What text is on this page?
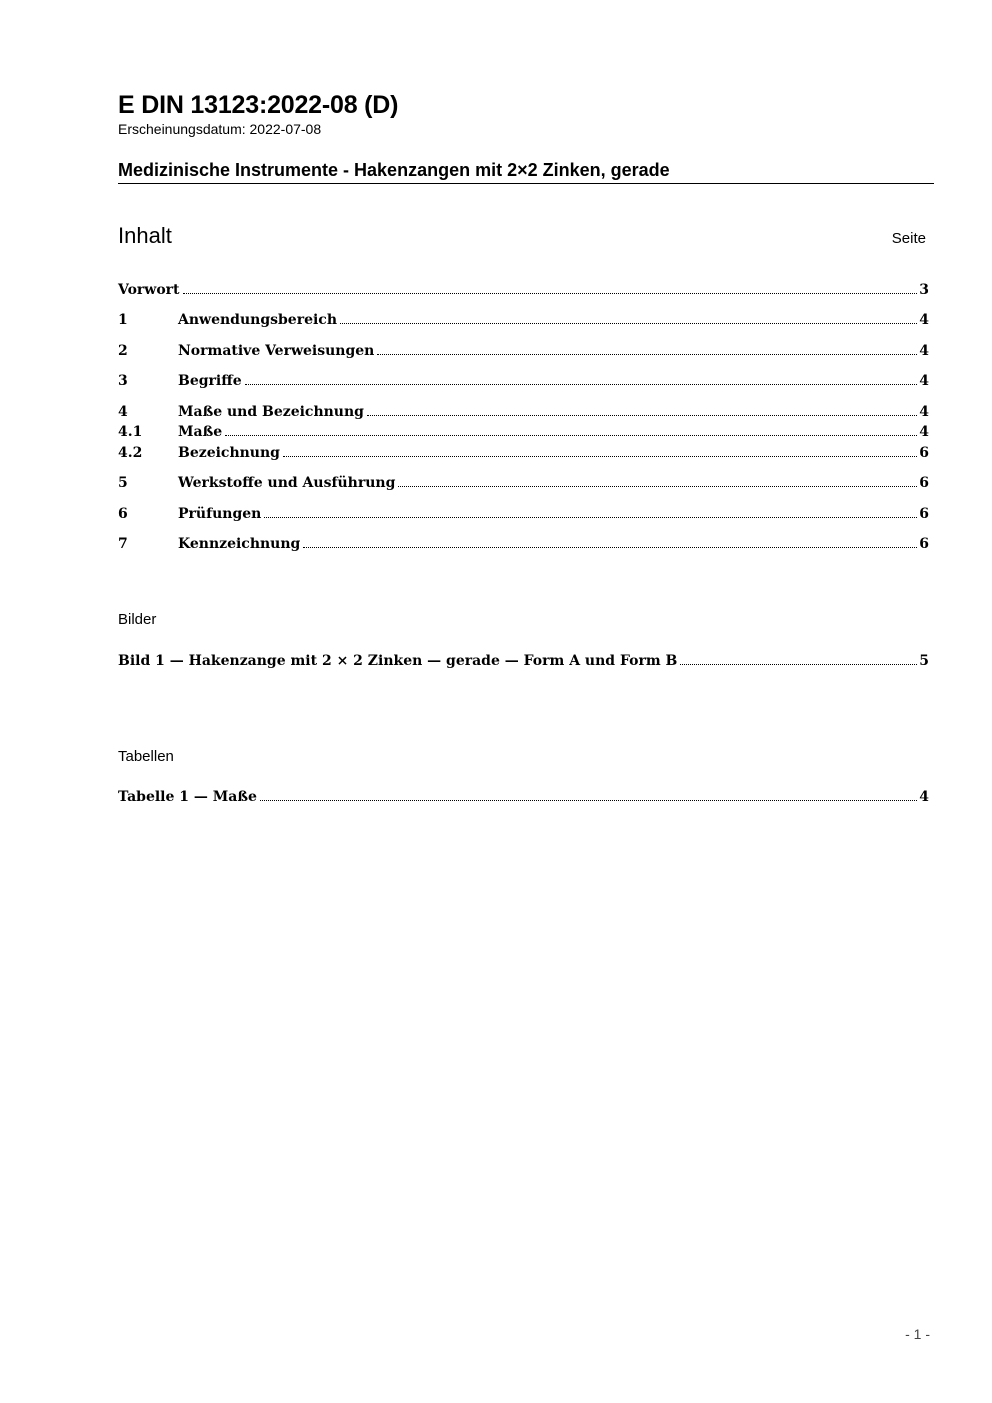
E DIN 13123:2022-08 (D)
Erscheinungsdatum: 2022-07-08
Medizinische Instrumente - Hakenzangen mit 2×2 Zinken, gerade
Inhalt	Seite
Vorwort	3
1	Anwendungsbereich	4
2	Normative Verweisungen	4
3	Begriffe	4
4	Maße und Bezeichnung	4
4.1	Maße	4
4.2	Bezeichnung	6
5	Werkstoffe und Ausführung	6
6	Prüfungen	6
7	Kennzeichnung	6
Bilder
Bild 1 — Hakenzange mit 2 × 2 Zinken — gerade — Form A und Form B	5
Tabellen
Tabelle 1 — Maße	4
- 1 -
